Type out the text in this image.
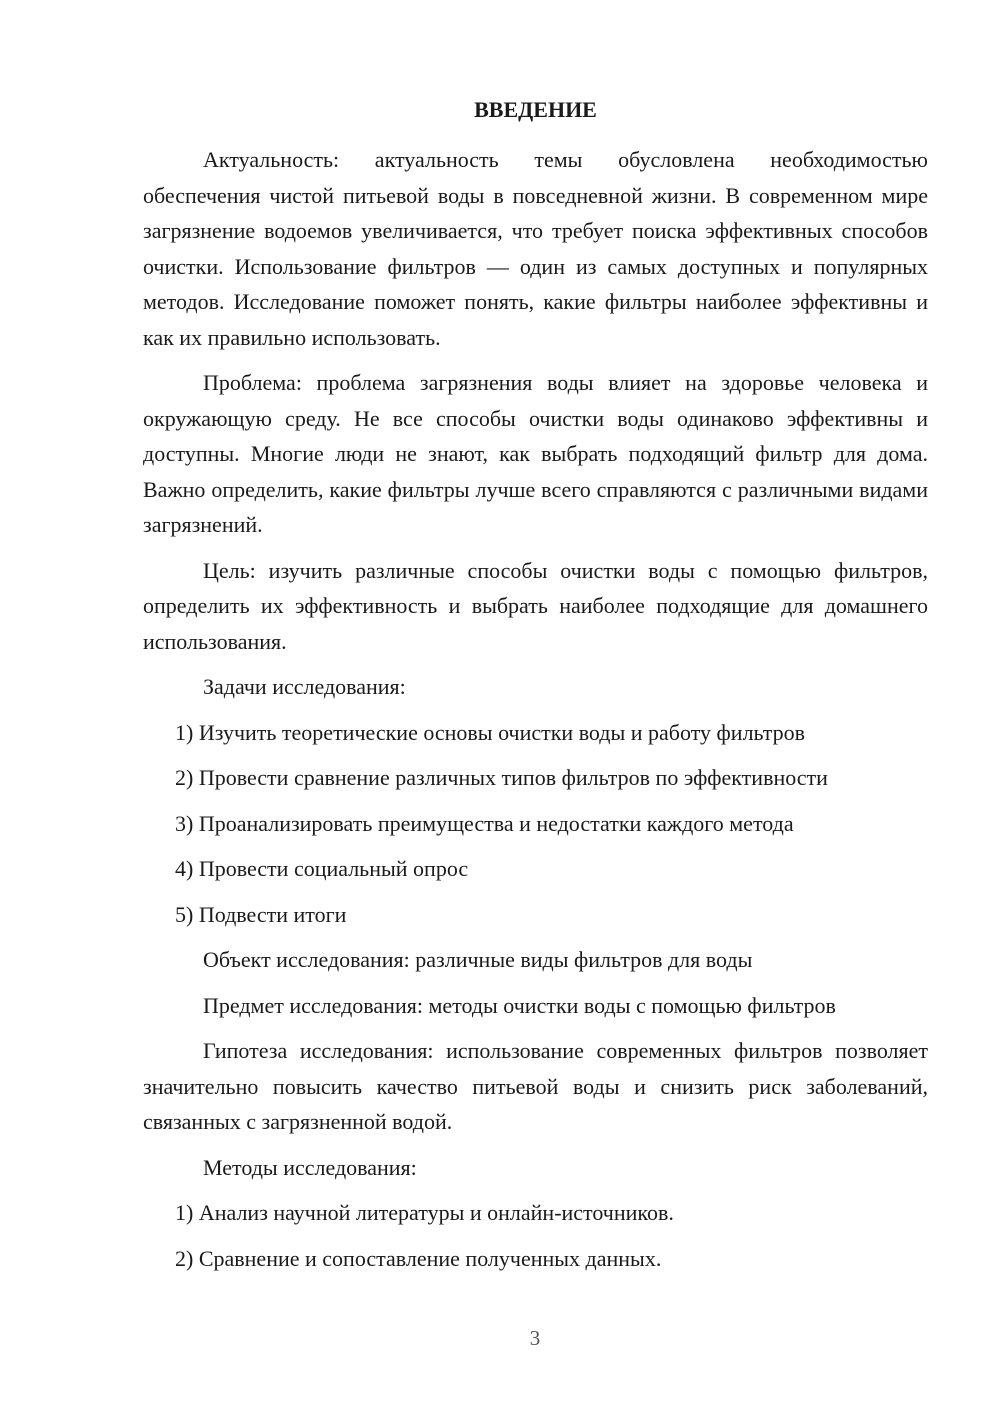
ВВЕДЕНИЕ

Актуальность: актуальность темы обусловлена необходимостью обеспечения чистой питьевой воды в повседневной жизни. В современном мире загрязнение водоемов увеличивается, что требует поиска эффективных способов очистки. Использование фильтров — один из самых доступных и популярных методов. Исследование поможет понять, какие фильтры наиболее эффективны и как их правильно использовать.

Проблема: проблема загрязнения воды влияет на здоровье человека и окружающую среду. Не все способы очистки воды одинаково эффективны и доступны. Многие люди не знают, как выбрать подходящий фильтр для дома. Важно определить, какие фильтры лучше всего справляются с различными видами загрязнений.

Цель: изучить различные способы очистки воды с помощью фильтров, определить их эффективность и выбрать наиболее подходящие для домашнего использования.

Задачи исследования:

1) Изучить теоретические основы очистки воды и работу фильтров

2) Провести сравнение различных типов фильтров по эффективности

3) Проанализировать преимущества и недостатки каждого метода

4) Провести социальный опрос

5) Подвести итоги

Объект исследования: различные виды фильтров для воды

Предмет исследования: методы очистки воды с помощью фильтров

Гипотеза исследования: использование современных фильтров позволяет значительно повысить качество питьевой воды и снизить риск заболеваний, связанных с загрязненной водой.

Методы исследования:

1) Анализ научной литературы и онлайн-источников.

2) Сравнение и сопоставление полученных данных.

3
